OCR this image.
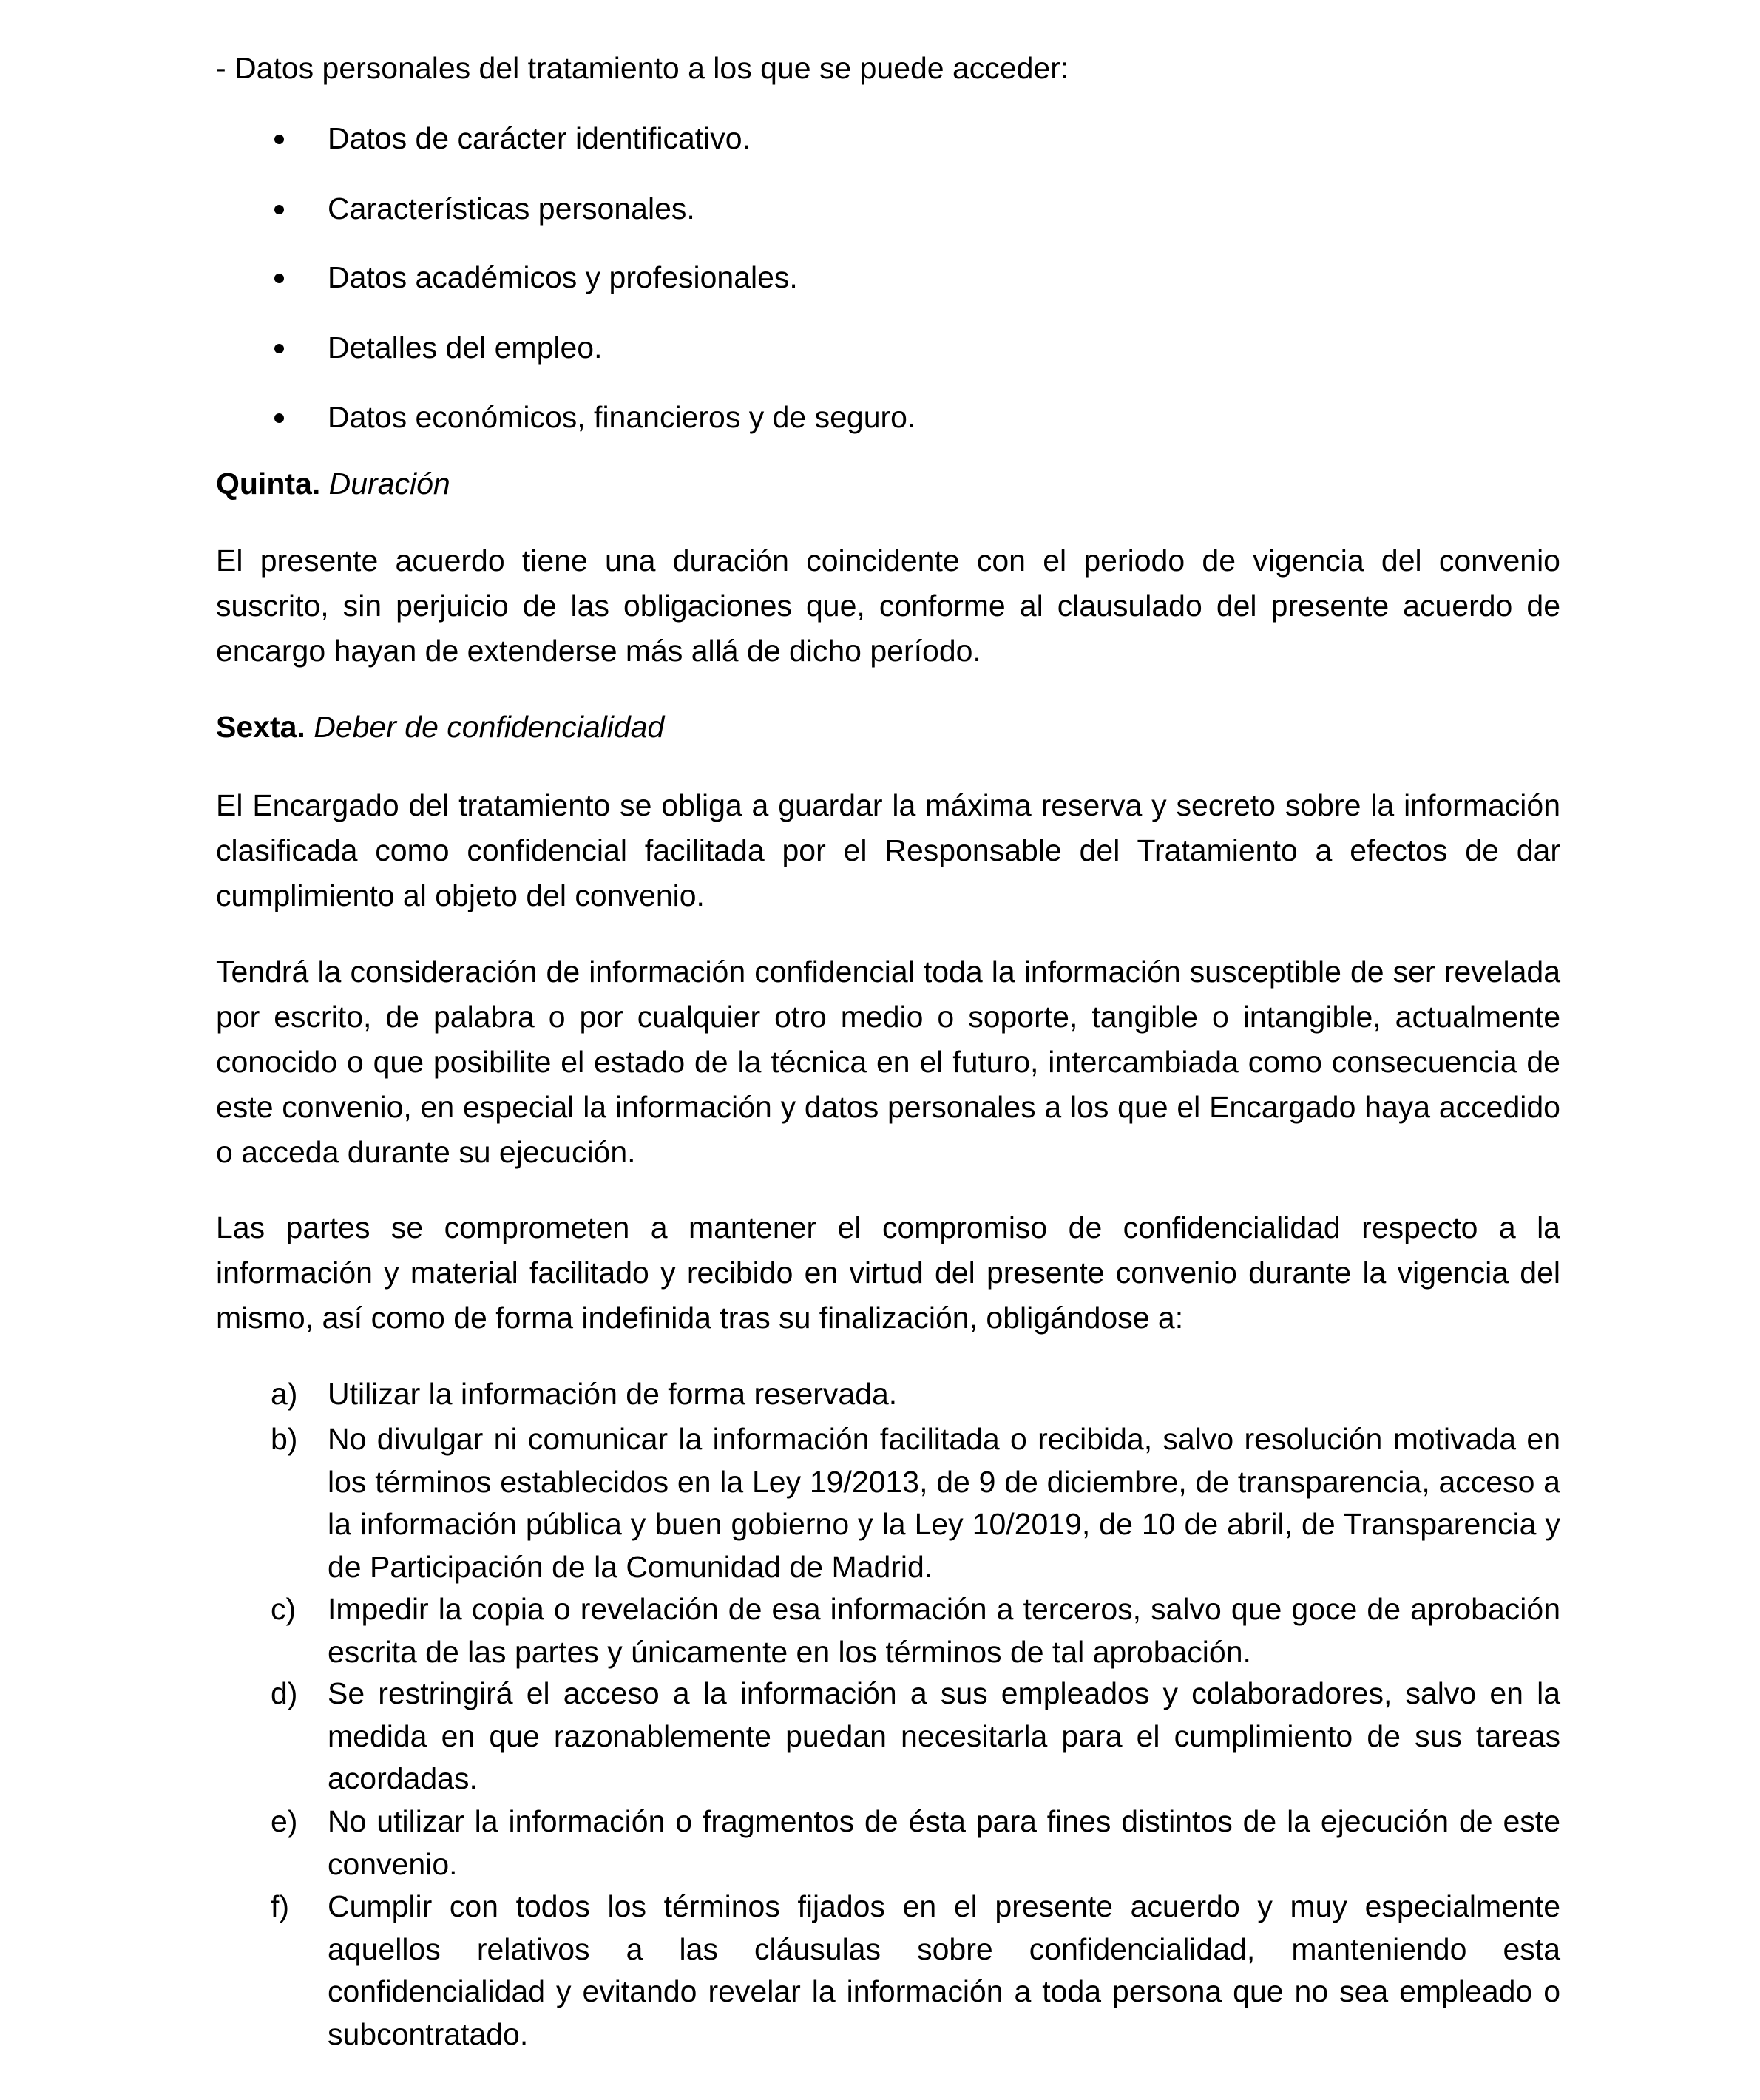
- Datos personales del tratamiento a los que se puede acceder:
Datos de carácter identificativo.
Características personales.
Datos académicos y profesionales.
Detalles del empleo.
Datos económicos, financieros y de seguro.
Quinta. Duración
El presente acuerdo tiene una duración coincidente con el periodo de vigencia del convenio suscrito, sin perjuicio de las obligaciones que, conforme al clausulado del presente acuerdo de encargo hayan de extenderse más allá de dicho período.
Sexta. Deber de confidencialidad
El Encargado del tratamiento se obliga a guardar la máxima reserva y secreto sobre la información clasificada como confidencial facilitada por el Responsable del Tratamiento a efectos de dar cumplimiento al objeto del convenio.
Tendrá la consideración de información confidencial toda la información susceptible de ser revelada por escrito, de palabra o por cualquier otro medio o soporte, tangible o intangible, actualmente conocido o que posibilite el estado de la técnica en el futuro, intercambiada como consecuencia de este convenio, en especial la información y datos personales a los que el Encargado haya accedido o acceda durante su ejecución.
Las partes se comprometen a mantener el compromiso de confidencialidad respecto a la información y material facilitado y recibido en virtud del presente convenio durante la vigencia del mismo, así como de forma indefinida tras su finalización, obligándose a:
a) Utilizar la información de forma reservada.
b) No divulgar ni comunicar la información facilitada o recibida, salvo resolución motivada en los términos establecidos en la Ley 19/2013, de 9 de diciembre, de transparencia, acceso a la información pública y buen gobierno y la Ley 10/2019, de 10 de abril, de Transparencia y de Participación de la Comunidad de Madrid.
c) Impedir la copia o revelación de esa información a terceros, salvo que goce de aprobación escrita de las partes y únicamente en los términos de tal aprobación.
d) Se restringirá el acceso a la información a sus empleados y colaboradores, salvo en la medida en que razonablemente puedan necesitarla para el cumplimiento de sus tareas acordadas.
e) No utilizar la información o fragmentos de ésta para fines distintos de la ejecución de este convenio.
f) Cumplir con todos los términos fijados en el presente acuerdo y muy especialmente aquellos relativos a las cláusulas sobre confidencialidad, manteniendo esta confidencialidad y evitando revelar la información a toda persona que no sea empleado o subcontratado.
